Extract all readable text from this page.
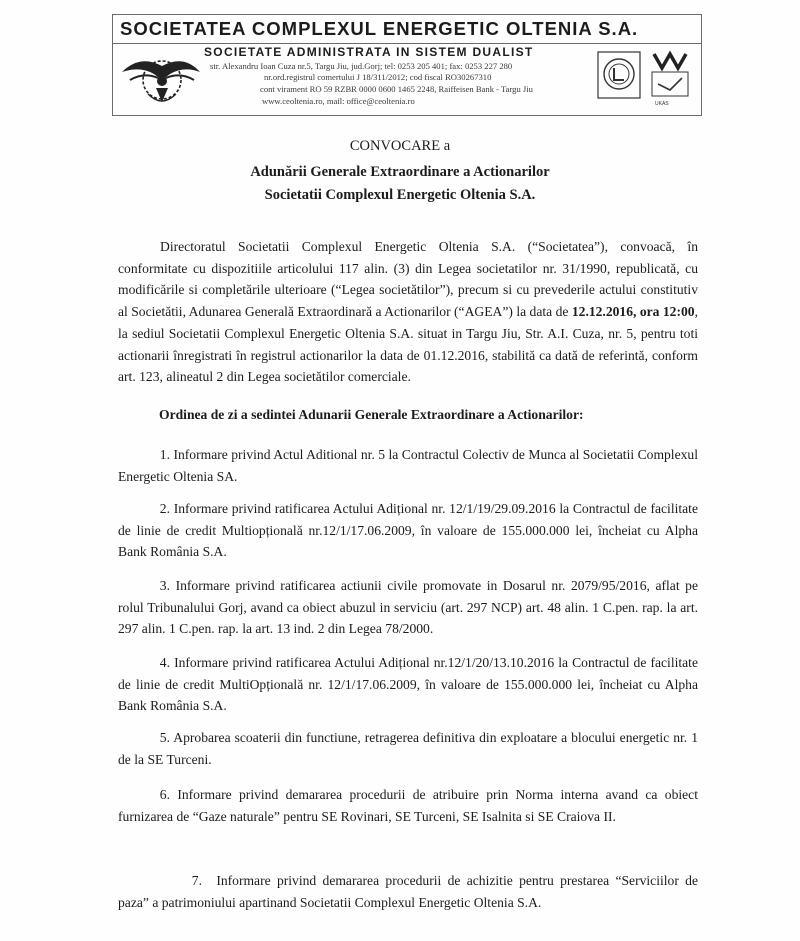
SOCIETATEA COMPLEXUL ENERGETIC OLTENIA S.A.
SOCIETATE ADMINISTRATA IN SISTEM DUALIST
str. Alexandru Ioan Cuza nr.5, Targu Jiu, jud.Gorj; tel: 0253 205 401; fax: 0253 227 280
nr.ord.registrul comertului J 18/311/2012; cod fiscal RO30267310
cont virament RO 59 RZBR 0000 0600 1465 2248, Raiffeisen Bank - Targu Jiu
www.ceoltenia.ro, mail: office@ceoltenia.ro	UKAS
CONVOCARE a
Adunării Generale Extraordinare a Actionarilor
Societatii Complexul Energetic Oltenia S.A.
Directoratul Societatii Complexul Energetic Oltenia S.A. (“Societatea”), convoacă, în conformitate cu dispozitiile articolului 117 alin. (3) din Legea societatilor nr. 31/1990, republicată, cu modificările si completările ulterioare (“Legea societătilor”), precum si cu prevederile actului constitutiv al Societătii, Adunarea Generală Extraordinară a Actionarilor (“AGEA”) la data de 12.12.2016, ora 12:00, la sediul Societatii Complexul Energetic Oltenia S.A. situat in Targu Jiu, Str. A.I. Cuza, nr. 5, pentru toti actionarii înregistrati în registrul actionarilor la data de 01.12.2016, stabilită ca dată de referintă, conform art. 123, alineatul 2 din Legea societătilor comerciale.
Ordinea de zi a sedintei Adunarii Generale Extraordinare a Actionarilor:
1. Informare privind Actul Aditional nr. 5 la Contractul Colectiv de Munca al Societatii Complexul Energetic Oltenia SA.
2. Informare privind ratificarea Actului Adițional nr. 12/1/19/29.09.2016 la Contractul de facilitate de linie de credit Multiopțională nr.12/1/17.06.2009, în valoare de 155.000.000 lei, încheiat cu Alpha Bank România S.A.
3. Informare privind ratificarea actiunii civile promovate in Dosarul nr. 2079/95/2016, aflat pe rolul Tribunalului Gorj, avand ca obiect abuzul in serviciu (art. 297 NCP) art. 48 alin. 1 C.pen. rap. la art. 297 alin. 1 C.pen. rap. la art. 13 ind. 2 din Legea 78/2000.
4. Informare privind ratificarea Actului Adițional nr.12/1/20/13.10.2016 la Contractul de facilitate de linie de credit MultiOpțională nr. 12/1/17.06.2009, în valoare de 155.000.000 lei, încheiat cu Alpha Bank România S.A.
5. Aprobarea scoaterii din functiune, retragerea definitiva din exploatare a blocului energetic nr. 1 de la SE Turceni.
6. Informare privind demararea procedurii de atribuire prin Norma interna avand ca obiect furnizarea de “Gaze naturale” pentru SE Rovinari, SE Turceni, SE Isalnita si SE Craiova II.
7. Informare privind demararea procedurii de achizitie pentru prestarea “Serviciilor de paza” a patrimoniului apartinand Societatii Complexul Energetic Oltenia S.A.
